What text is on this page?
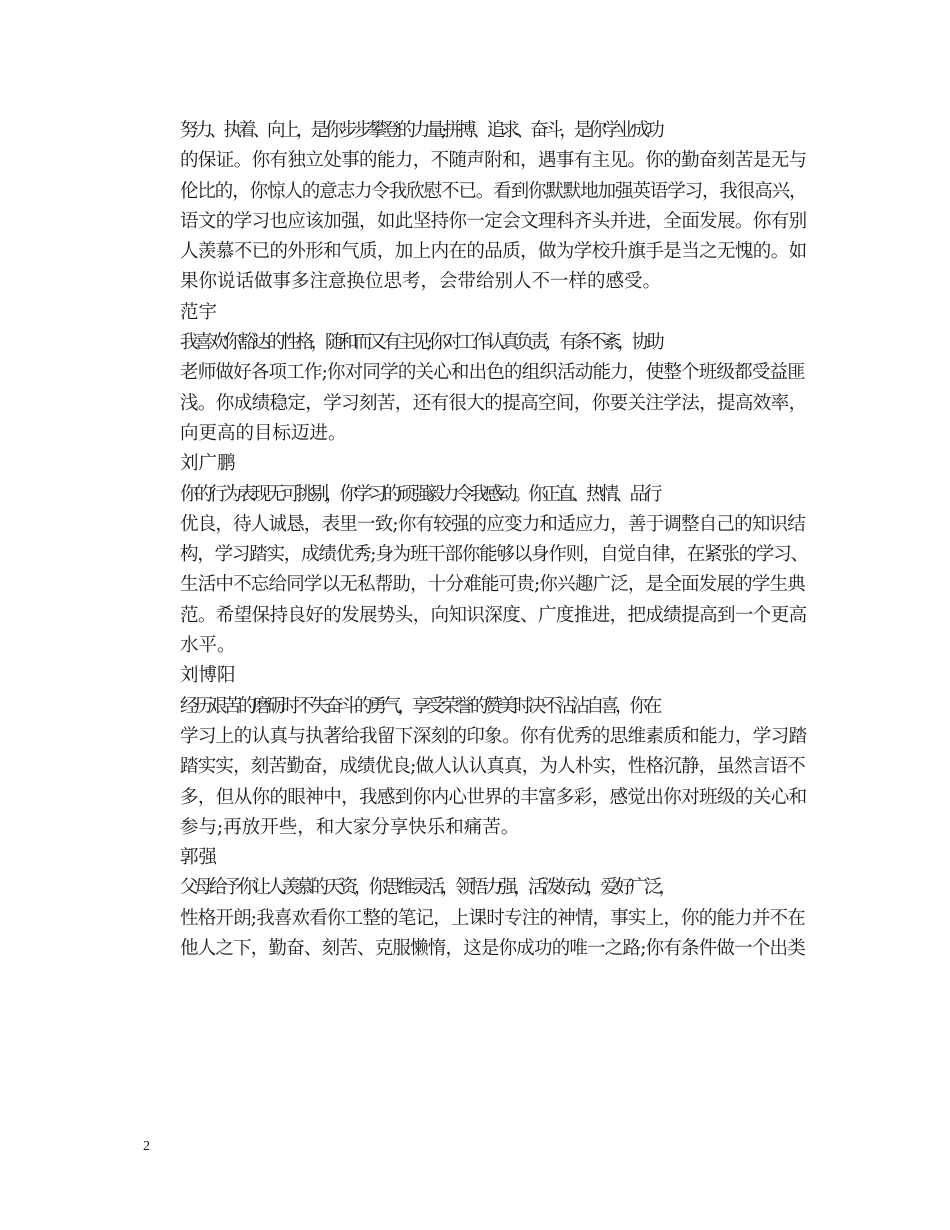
努力、执着、向上，是你步步攀登的力量;拼搏、追求、奋斗，是你学业成功
的保证。你有独立处事的能力，不随声附和，遇事有主见。你的勤奋刻苦是无与
伦比的，你惊人的意志力令我欣慰不已。看到你默默地加强英语学习，我很高兴，
语文的学习也应该加强，如此坚持你一定会文理科齐头并进，全面发展。你有别
人羡慕不已的外形和气质，加上内在的品质，做为学校升旗手是当之无愧的。如
果你说话做事多注意换位思考，会带给别人不一样的感受。

范宇

我喜欢你豁达的性格，随和而又有主见;你对工作认真负责，有条不紊，协助
老师做好各项工作;你对同学的关心和出色的组织活动能力，使整个班级都受益匪
浅。你成绩稳定，学习刻苦，还有很大的提高空间，你要关注学法，提高效率，
向更高的目标迈进。

刘广鹏

你的行为表现无可挑剔，你学习的顽强毅力令我感动。你正直、热情、品行
优良，待人诚恳，表里一致;你有较强的应变力和适应力，善于调整自己的知识结
构，学习踏实，成绩优秀;身为班干部你能够以身作则，自觉自律，在紧张的学习、
生活中不忘给同学以无私帮助，十分难能可贵;你兴趣广泛，是全面发展的学生典
范。希望保持良好的发展势头，向知识深度、广度推进，把成绩提高到一个更高
水平。

刘博阳

经历艰苦的磨砺时不失奋斗的勇气，享受荣誉的赞美时决不沾沾自喜，你在
学习上的认真与执著给我留下深刻的印象。你有优秀的思维素质和能力，学习踏
踏实实，刻苦勤奋，成绩优良;做人认认真真，为人朴实，性格沉静，虽然言语不
多，但从你的眼神中，我感到你内心世界的丰富多彩，感觉出你对班级的关心和
参与;再放开些，和大家分享快乐和痛苦。

郭强

父母给予你让人羡慕的天资，你思维灵活，领悟力强，活泼好动，爱好广泛，
性格开朗;我喜欢看你工整的笔记，上课时专注的神情，事实上，你的能力并不在
他人之下，勤奋、刻苦、克服懒惰，这是你成功的唯一之路;你有条件做一个出类

2
